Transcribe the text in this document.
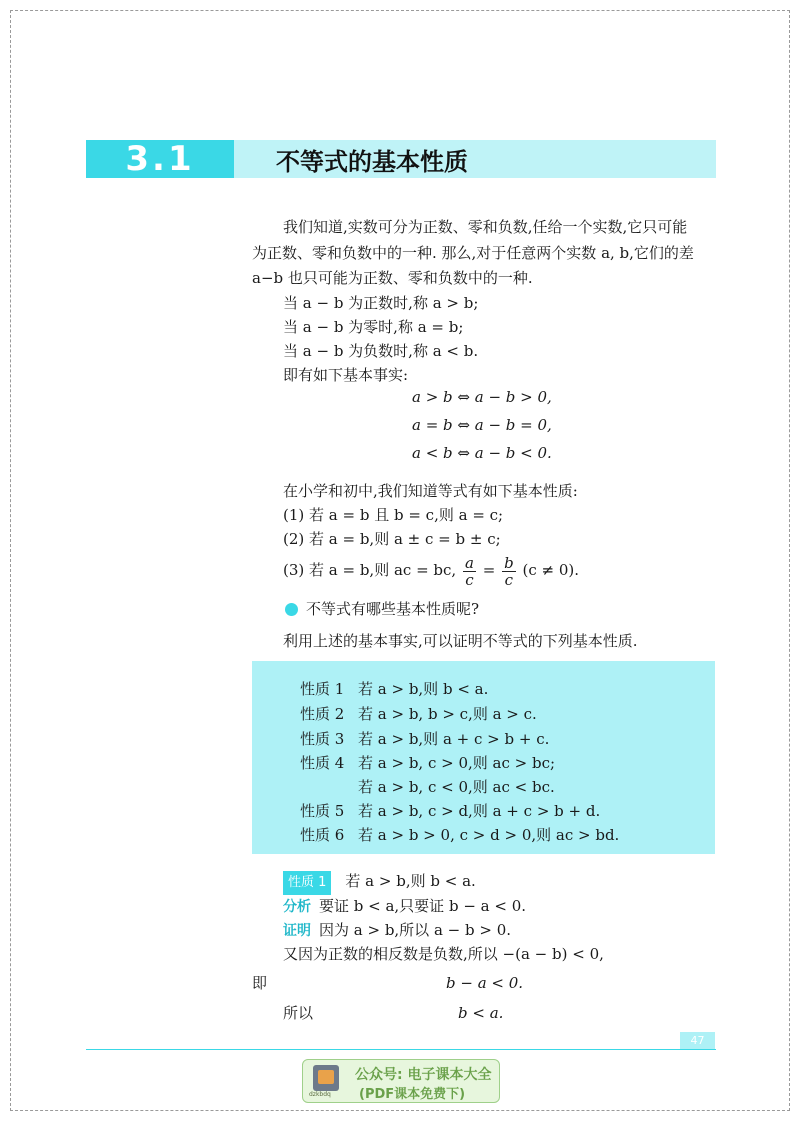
3.1	不等式的基本性质
我们知道,实数可分为正数、零和负数,任给一个实数,它只可能
为正数、零和负数中的一种. 那么,对于任意两个实数 a, b,它们的差
a−b 也只可能为正数、零和负数中的一种.
当 a − b 为正数时,称 a > b;
当 a − b 为零时,称 a = b;
当 a − b 为负数时,称 a < b.
即有如下基本事实:
a > b ⇔ a − b > 0,
a = b ⇔ a − b = 0,
a < b ⇔ a − b < 0.
在小学和初中,我们知道等式有如下基本性质:
(1) 若 a = b 且 b = c,则 a = c;
(2) 若 a = b,则 a ± c = b ± c;
(3) 若 a = b,则 ac = bc, $\frac{a}{c} = \frac{b}{c} (c \ne 0)$.
不等式有哪些基本性质呢?
利用上述的基本事实,可以证明不等式的下列基本性质.
性质 1 若 a > b,则 b < a.
性质 2 若 a > b, b > c,则 a > c.
性质 3 若 a > b,则 a + c > b + c.
性质 4 若 a > b, c > 0,则 ac > bc;
若 a > b, c < 0,则 ac < bc.
性质 5 若 a > b, c > d,则 a + c > b + d.
性质 6 若 a > b > 0, c > d > 0,则 ac > bd.
性质 1 若 a > b,则 b < a.
分析 要证 b < a,只要证 b − a < 0.
证明 因为 a > b,所以 a − b > 0.
又因为正数的相反数是负数,所以 −(a − b) < 0,
即	b − a < 0.
所以	b < a.
47
dzkbdq
公众号: 电子课本大全
(PDF课本免费下)
